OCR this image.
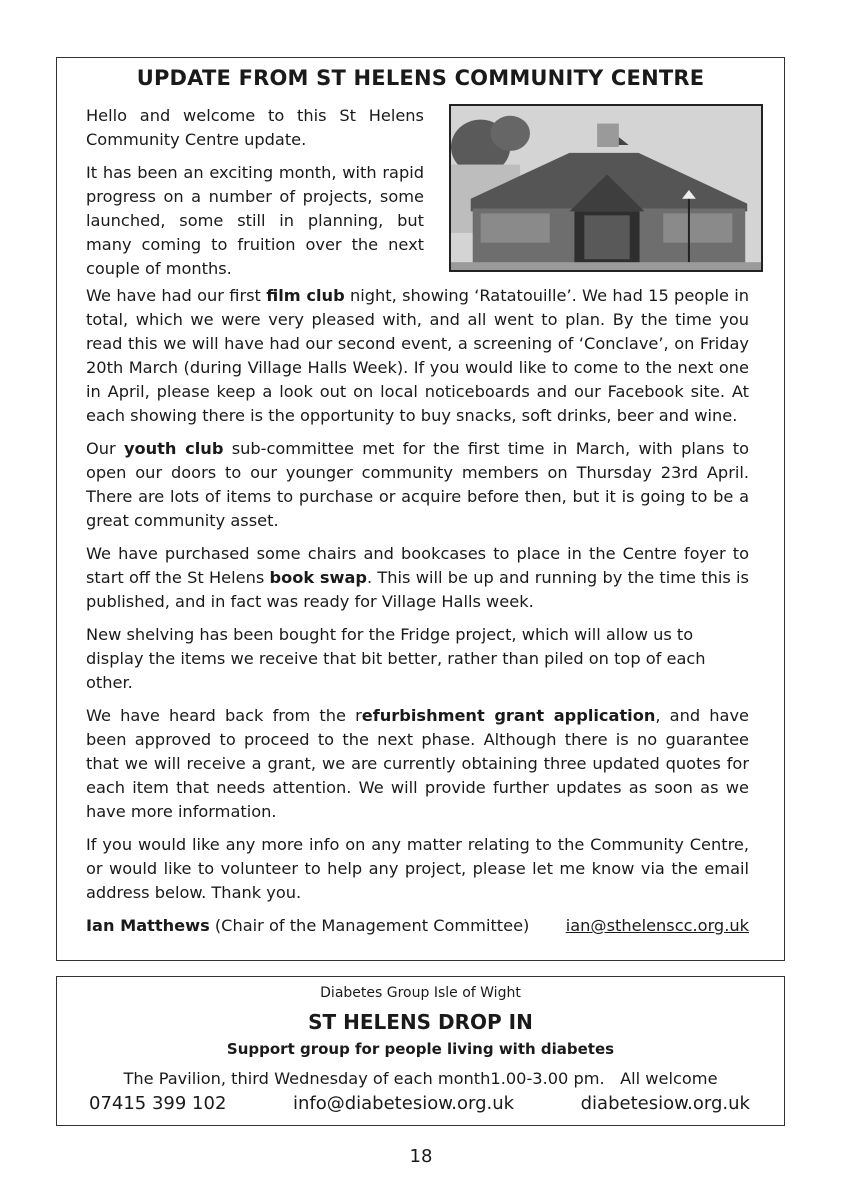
UPDATE FROM ST HELENS COMMUNITY CENTRE

Hello and welcome to this St Helens Community Centre update.

It has been an exciting month, with rapid progress on a number of projects, some launched, some still in planning, but many coming to fruition over the next couple of months.

We have had our first film club night, showing ‘Ratatouille’. We had 15 people in total, which we were very pleased with, and all went to plan. By the time you read this we will have had our second event, a screening of ‘Conclave’, on Friday 20th March (during Village Halls Week). If you would like to come to the next one in April, please keep a look out on local noticeboards and our Facebook site. At each showing there is the opportunity to buy snacks, soft drinks, beer and wine.

Our youth club sub-committee met for the first time in March, with plans to open our doors to our younger community members on Thursday 23rd April. There are lots of items to purchase or acquire before then, but it is going to be a great community asset.

We have purchased some chairs and bookcases to place in the Centre foyer to start off the St Helens book swap. This will be up and running by the time this is published, and in fact was ready for Village Halls week.

New shelving has been bought for the Fridge project, which will allow us to display the items we receive that bit better, rather than piled on top of each other.

We have heard back from the refurbishment grant application, and have been approved to proceed to the next phase. Although there is no guarantee that we will receive a grant, we are currently obtaining three updated quotes for each item that needs attention. We will provide further updates as soon as we have more information.

If you would like any more info on any matter relating to the Community Centre, or would like to volunteer to help any project, please let me know via the email address below. Thank you.

Ian Matthews (Chair of the Management Committee) ian@sthelenscc.org.uk
Diabetes Group Isle of Wight
ST HELENS DROP IN
Support group for people living with diabetes
The Pavilion, third Wednesday of each month1.00-3.00 pm.   All welcome
07415 399 102	info@diabetesiow.org.uk	diabetesiow.org.uk
18
